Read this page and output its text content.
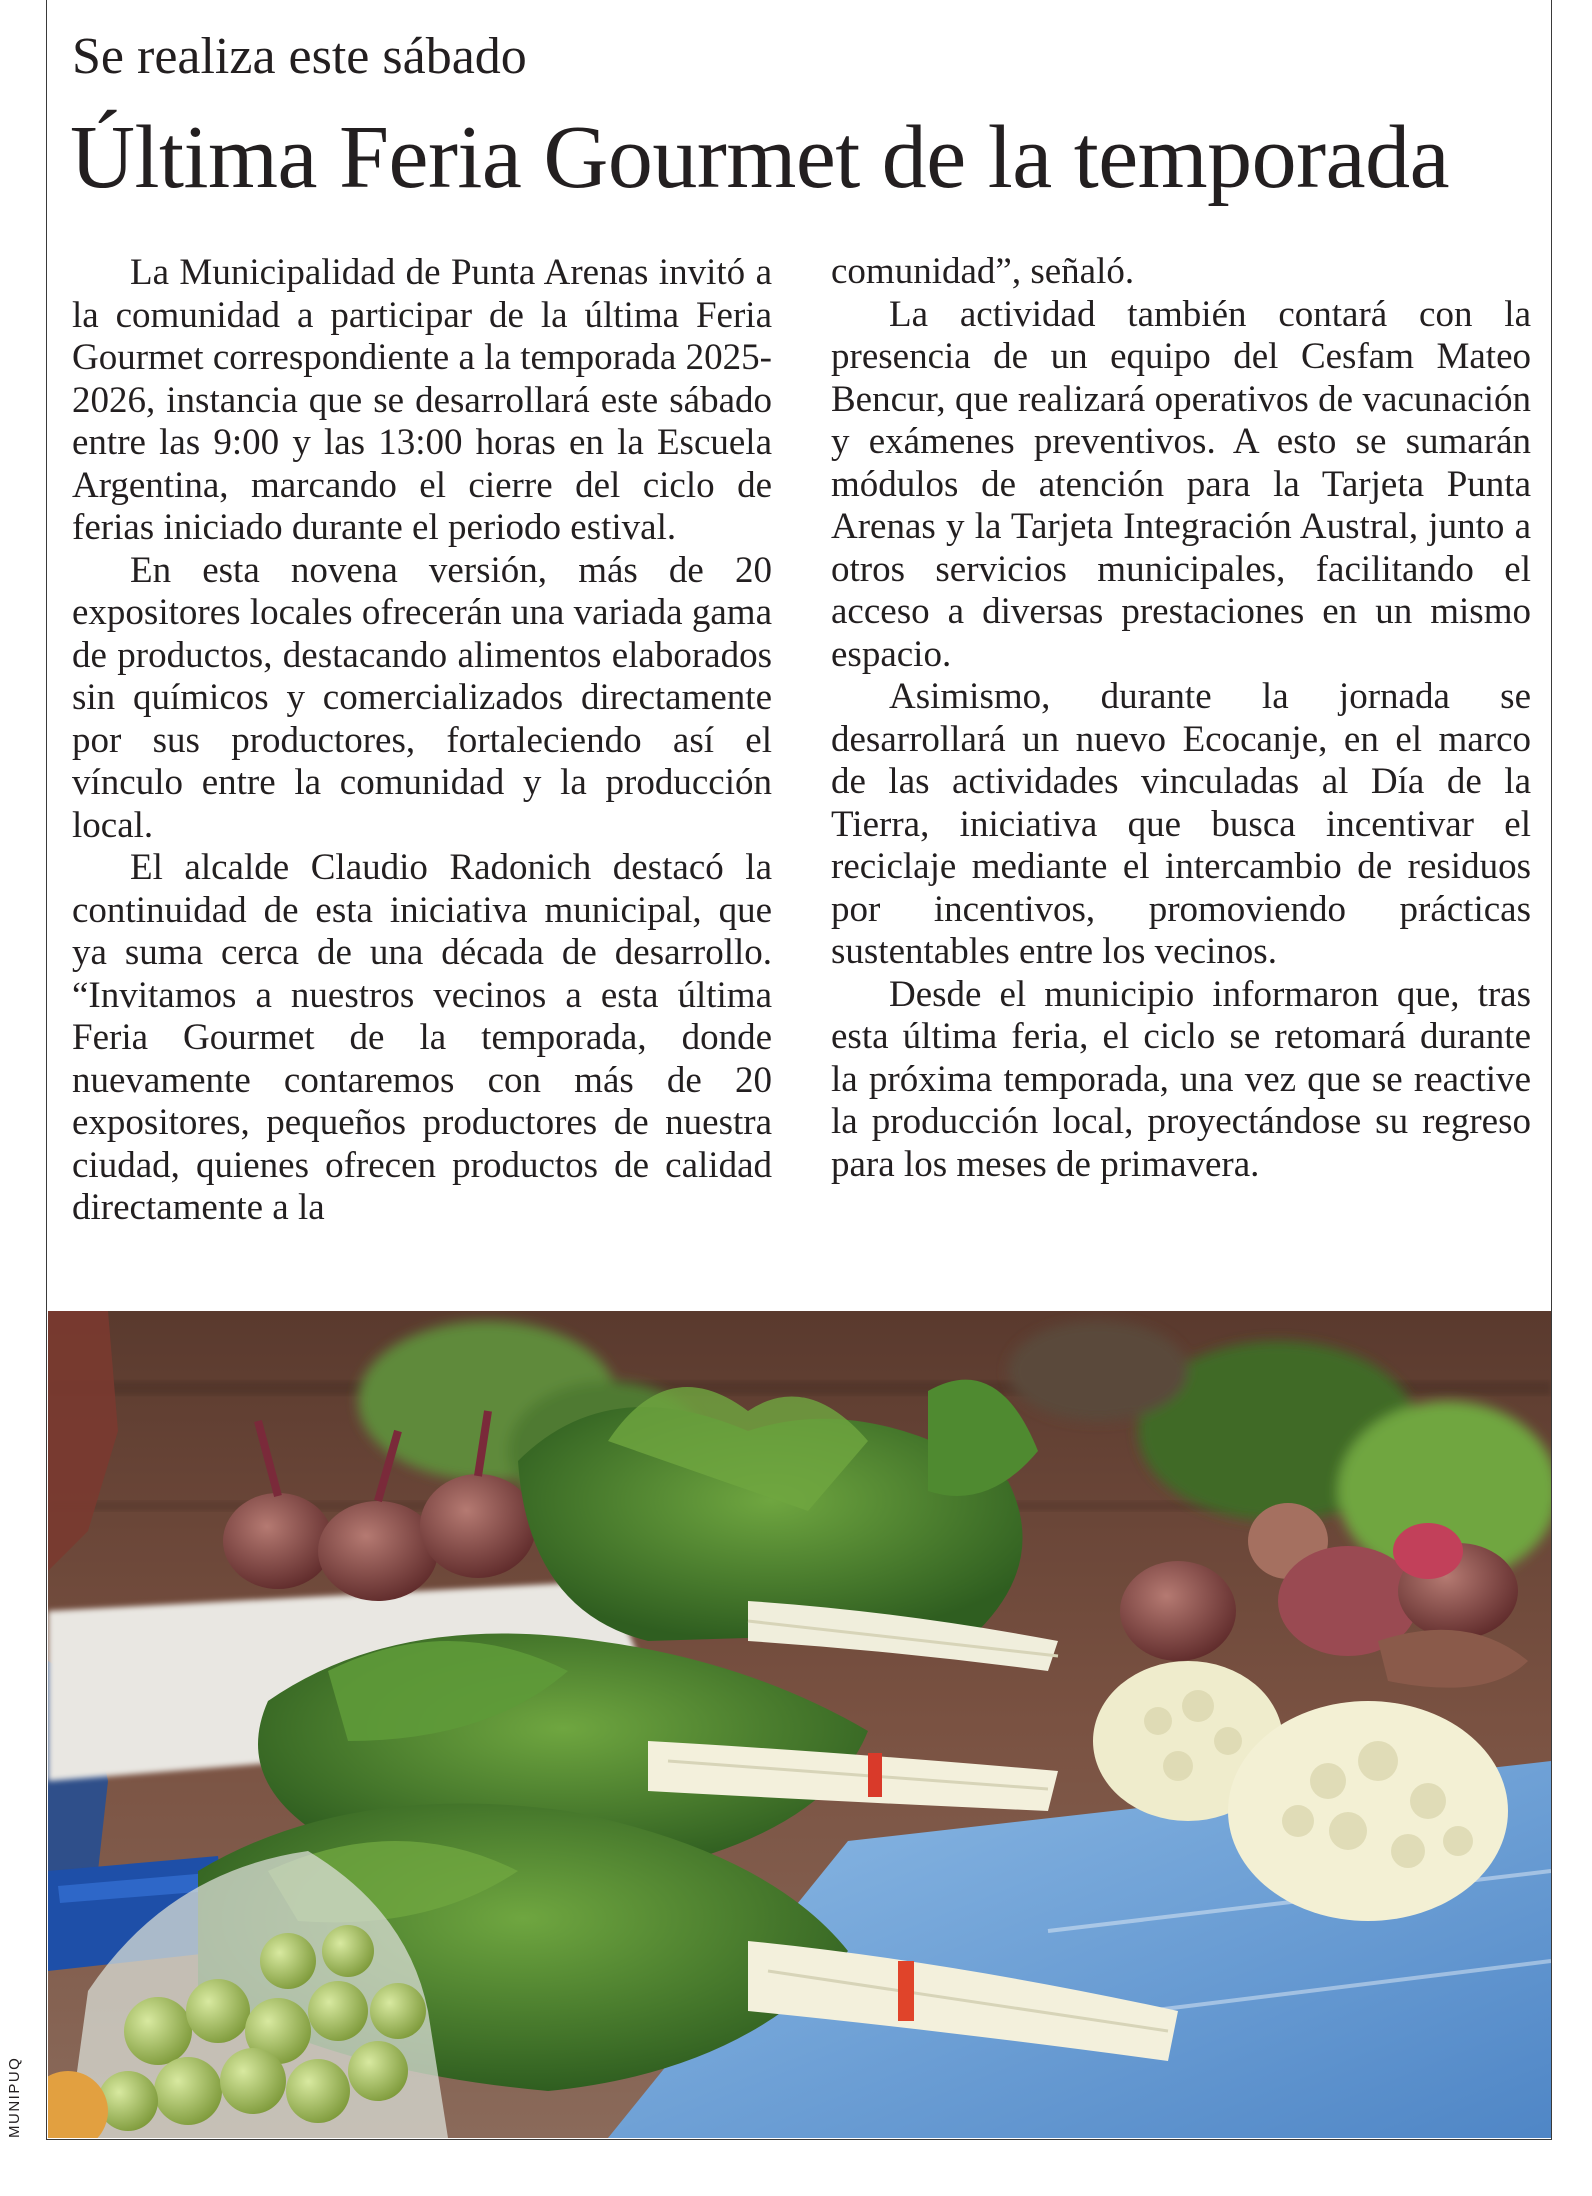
Se realiza este sábado
Última Feria Gourmet de la temporada

La Municipalidad de Punta Arenas invitó a la comunidad a participar de la última Feria Gourmet correspondiente a la temporada 2025-2026, instancia que se desarrollará este sábado entre las 9:00 y las 13:00 horas en la Escuela Argentina, marcando el cierre del ciclo de ferias iniciado durante el periodo estival.

En esta novena versión, más de 20 expositores locales ofrecerán una variada gama de productos, destacando alimentos elaborados sin químicos y comercializados directamente por sus productores, fortaleciendo así el vínculo entre la comunidad y la producción local.

El alcalde Claudio Radonich destacó la continuidad de esta iniciativa municipal, que ya suma cerca de una década de desarrollo. “Invitamos a nuestros vecinos a esta última Feria Gourmet de la temporada, donde nuevamente contaremos con más de 20 expositores, pequeños productores de nuestra ciudad, quienes ofrecen productos de calidad directamente a la

comunidad”, señaló.

La actividad también contará con la presencia de un equipo del Cesfam Mateo Bencur, que realizará operativos de vacunación y exámenes preventivos. A esto se sumarán módulos de atención para la Tarjeta Punta Arenas y la Tarjeta Integración Austral, junto a otros servicios municipales, facilitando el acceso a diversas prestaciones en un mismo espacio.

Asimismo, durante la jornada se desarrollará un nuevo Ecocanje, en el marco de las actividades vinculadas al Día de la Tierra, iniciativa que busca incentivar el reciclaje mediante el intercambio de residuos por incentivos, promoviendo prácticas sustentables entre los vecinos.

Desde el municipio informaron que, tras esta última feria, el ciclo se retomará durante la próxima temporada, una vez que se reactive la producción local, proyectándose su regreso para los meses de primavera.

MUNIPUQ
